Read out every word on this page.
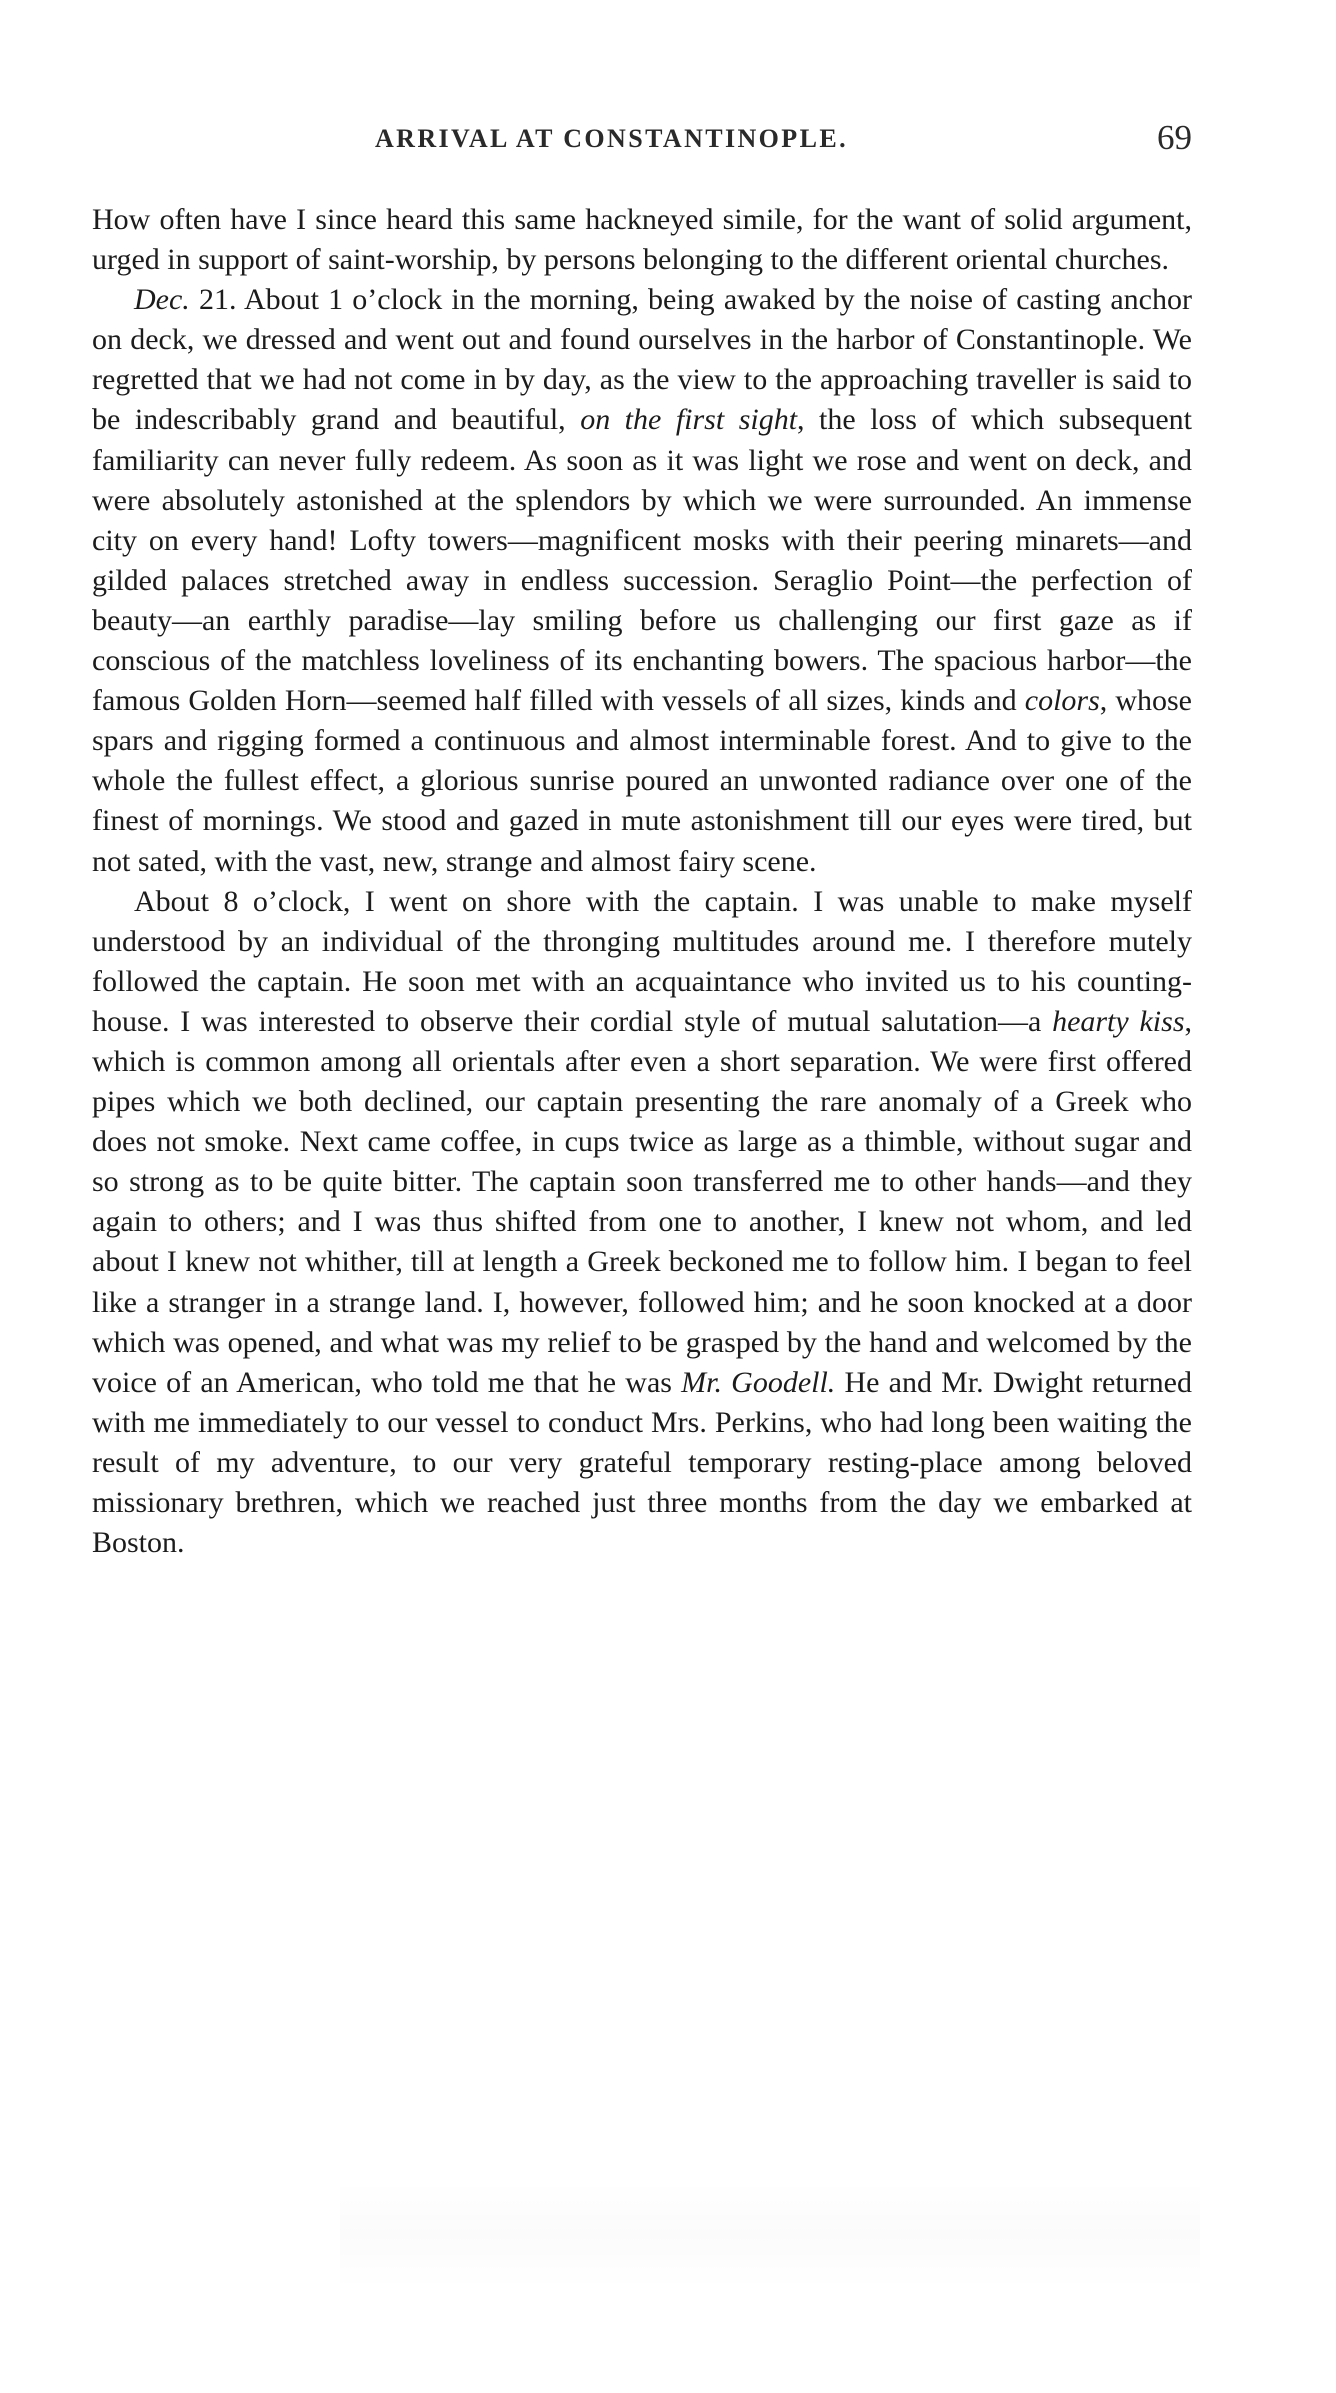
ARRIVAL AT CONSTANTINOPLE.	69

How often have I since heard this same hackneyed simile, for the want of solid argument, urged in support of saint-worship, by persons belonging to the different oriental churches.

Dec. 21. About 1 o’clock in the morning, being awaked by the noise of casting anchor on deck, we dressed and went out and found ourselves in the harbor of Constantinople. We regretted that we had not come in by day, as the view to the approaching traveller is said to be indescribably grand and beautiful, on the first sight, the loss of which subsequent familiarity can never fully redeem. As soon as it was light we rose and went on deck, and were absolutely astonished at the splendors by which we were surrounded. An immense city on every hand! Lofty towers—magnificent mosks with their peering minarets—and gilded palaces stretched away in endless succession. Seraglio Point—the perfection of beauty—an earthly paradise—lay smiling before us challenging our first gaze as if conscious of the matchless loveliness of its enchanting bowers. The spacious harbor—the famous Golden Horn—seemed half filled with vessels of all sizes, kinds and colors, whose spars and rigging formed a continuous and almost interminable forest. And to give to the whole the fullest effect, a glorious sunrise poured an unwonted radiance over one of the finest of mornings. We stood and gazed in mute astonishment till our eyes were tired, but not sated, with the vast, new, strange and almost fairy scene.

About 8 o’clock, I went on shore with the captain. I was unable to make myself understood by an individual of the thronging multitudes around me. I therefore mutely followed the captain. He soon met with an acquaintance who invited us to his counting-house. I was interested to observe their cordial style of mutual salutation—a hearty kiss, which is common among all orientals after even a short separation. We were first offered pipes which we both declined, our captain presenting the rare anomaly of a Greek who does not smoke. Next came coffee, in cups twice as large as a thimble, without sugar and so strong as to be quite bitter. The captain soon transferred me to other hands—and they again to others; and I was thus shifted from one to another, I knew not whom, and led about I knew not whither, till at length a Greek beckoned me to follow him. I began to feel like a stranger in a strange land. I, however, followed him; and he soon knocked at a door which was opened, and what was my relief to be grasped by the hand and welcomed by the voice of an American, who told me that he was Mr. Goodell. He and Mr. Dwight returned with me immediately to our vessel to conduct Mrs. Perkins, who had long been waiting the result of my adventure, to our very grateful temporary resting-place among beloved missionary brethren, which we reached just three months from the day we embarked at Boston.
